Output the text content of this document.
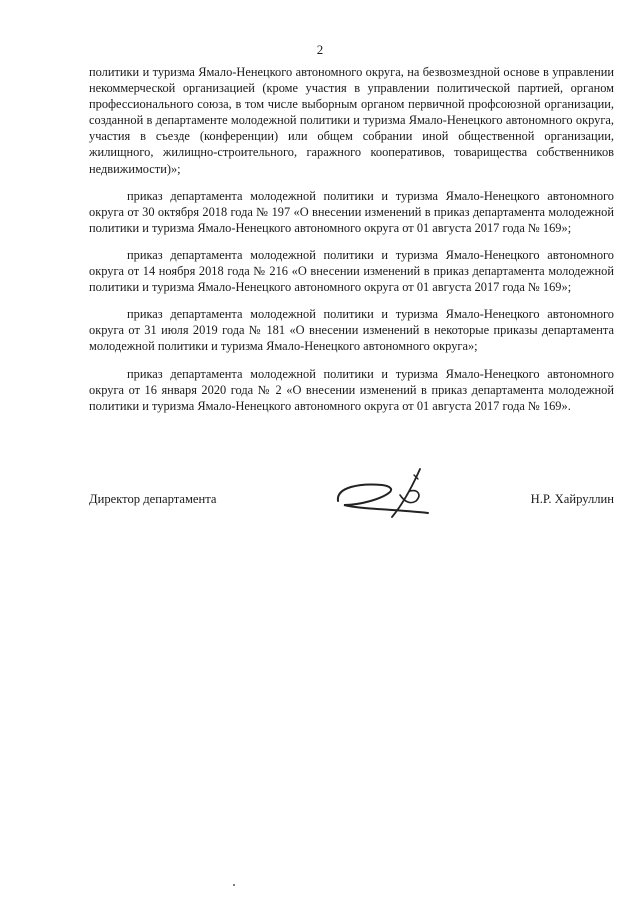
2

политики и туризма Ямало-Ненецкого автономного округа, на безвозмездной основе в управлении некоммерческой организацией (кроме участия в управлении политической партией, органом профессионального союза, в том числе выборным органом первичной профсоюзной организации, созданной в департаменте молодежной политики и туризма Ямало-Ненецкого автономного округа, участия в съезде (конференции) или общем собрании иной общественной организации, жилищного, жилищно-строительного, гаражного кооперативов, товарищества собственников недвижимости)»;

приказ департамента молодежной политики и туризма Ямало-Ненецкого автономного округа от 30 октября 2018 года № 197 «О внесении изменений в приказ департамента молодежной политики и туризма Ямало-Ненецкого автономного округа от 01 августа 2017 года № 169»;

приказ департамента молодежной политики и туризма Ямало-Ненецкого автономного округа от 14 ноября 2018 года № 216 «О внесении изменений в приказ департамента молодежной политики и туризма Ямало-Ненецкого автономного округа от 01 августа 2017 года № 169»;

приказ департамента молодежной политики и туризма Ямало-Ненецкого автономного округа от 31 июля 2019 года № 181 «О внесении изменений в некоторые приказы департамента молодежной политики и туризма Ямало-Ненецкого автономного округа»;

приказ департамента молодежной политики и туризма Ямало-Ненецкого автономного округа от 16 января 2020 года № 2 «О внесении изменений в приказ департамента молодежной политики и туризма Ямало-Ненецкого автономного округа от 01 августа 2017 года № 169».

Директор департамента	Н.Р. Хайруллин
